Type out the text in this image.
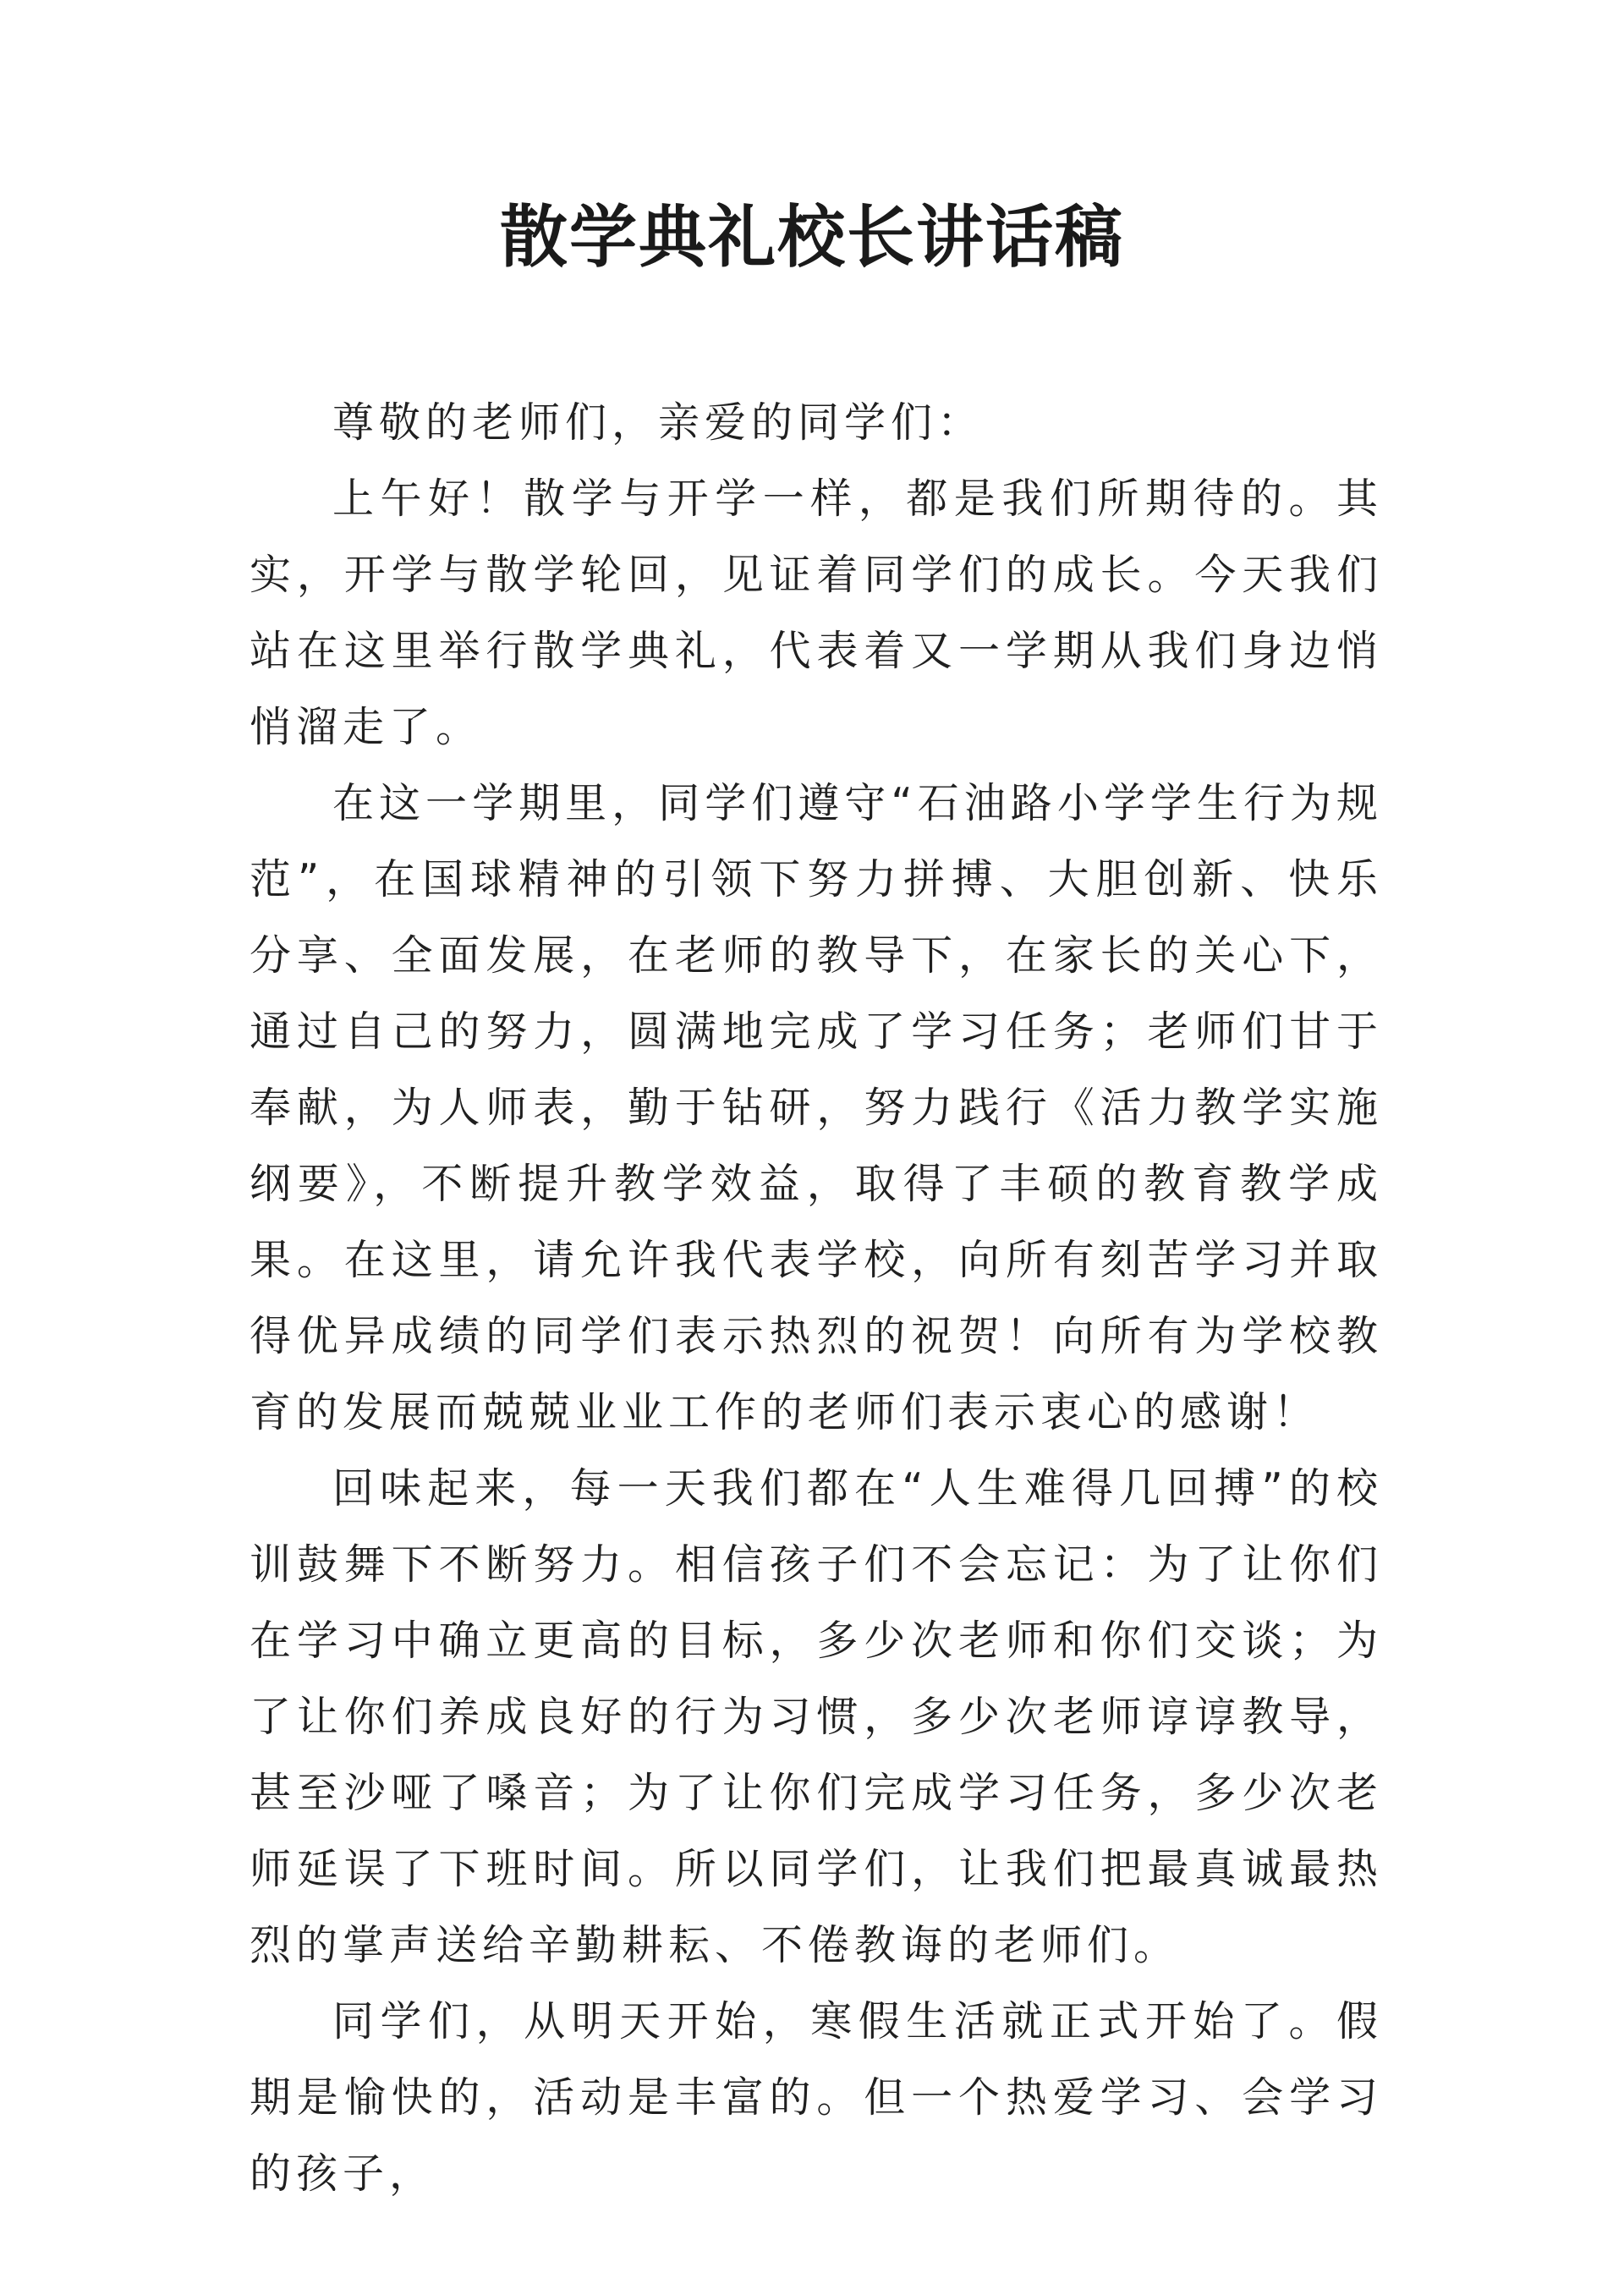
散学典礼校长讲话稿

尊敬的老师们，亲爱的同学们：

上午好！散学与开学一样，都是我们所期待的。其实，开学与散学轮回，见证着同学们的成长。今天我们站在这里举行散学典礼，代表着又一学期从我们身边悄悄溜走了。

在这一学期里，同学们遵守“石油路小学学生行为规范”，在国球精神的引领下努力拼搏、大胆创新、快乐分享、全面发展，在老师的教导下，在家长的关心下，通过自己的努力，圆满地完成了学习任务；老师们甘于奉献，为人师表，勤于钻研，努力践行《活力教学实施纲要》，不断提升教学效益，取得了丰硕的教育教学成果。在这里，请允许我代表学校，向所有刻苦学习并取得优异成绩的同学们表示热烈的祝贺！向所有为学校教育的发展而兢兢业业工作的老师们表示衷心的感谢！

回味起来，每一天我们都在“人生难得几回搏”的校训鼓舞下不断努力。相信孩子们不会忘记：为了让你们在学习中确立更高的目标，多少次老师和你们交谈；为了让你们养成良好的行为习惯，多少次老师谆谆教导，甚至沙哑了嗓音；为了让你们完成学习任务，多少次老师延误了下班时间。所以同学们，让我们把最真诚最热烈的掌声送给辛勤耕耘、不倦教诲的老师们。

同学们，从明天开始，寒假生活就正式开始了。假期是愉快的，活动是丰富的。但一个热爱学习、会学习的孩子，
